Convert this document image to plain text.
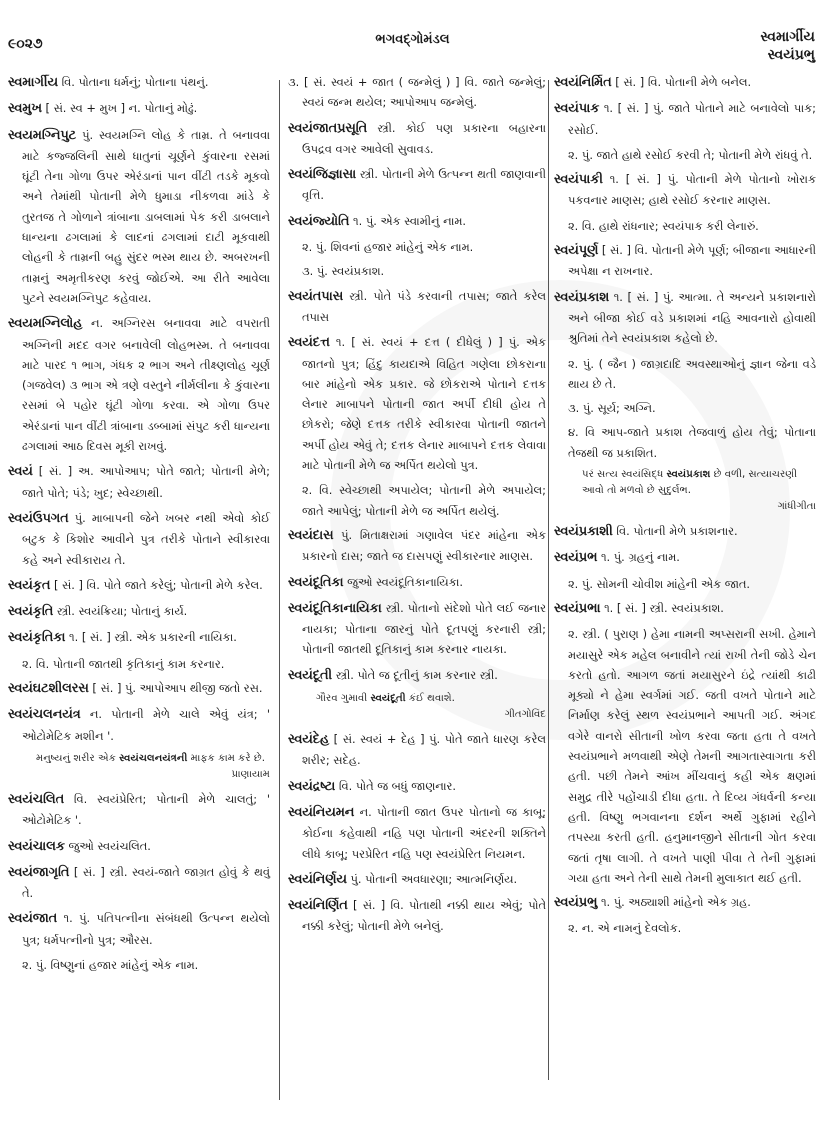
૯૦૨૭	ભગવદ્ગોમંડલ	સ્વમાર્ગીય
સ્વયંપ્રભુ
સ્વમાર્ગીય વિ. પોતાના ધર્મનું; પોતાના પંથનું.
સ્વમુખ [ સં. સ્વ + મુખ ] ન. પોતાનું મોઢું.
સ્વયમગ્નિપુટ પું. સ્વયમગ્નિ લોહ કે તામ્ર. તે બનાવવા માટે કજ્જલિની સાથે ધાતુનાં ચૂર્ણને કુંવારના રસમાં ઘૂંટી તેના ગોળા ઉપર એરંડાનાં પાન વીંટી તડકે મૂકવો અને તેમાંથી પોતાની મેળે ધુમાડા નીકળવા માંડે કે તુરતજ તે ગોળાને ત્રાંબાના ડાબલામાં પેક કરી ડાબલાને ધાન્યના ઢગલામાં કે લાદનાં ઢગલામાં દાટી મૂકવાથી લોહની કે તામ્રની બહુ સુંદર ભસ્મ થાય છે. અબરખની તામ્રનું અમૃતીકરણ કરવું જોઈએ. આ રીતે આવેલા પુટને સ્વયમગ્નિપુટ કહેવાય.
સ્વયમગ્નિલોહ ન. અગ્નિરસ બનાવવા માટે વપરાતી અગ્નિની મદદ વગર બનાવેલી લોહભસ્મ. તે બનાવવા માટે પારદ ૧ ભાગ, ગંધક ૨ ભાગ અને તીક્ષ્ણલોહ ચૂર્ણ (ગજવેલ) ૩ ભાગ એ ત્રણે વસ્તુને નીર્મલીના કે કુંવારના રસમાં બે પહોર ઘૂંટી ગોળા કરવા. એ ગોળા ઉપર એરંડાનાં પાન વીંટી ત્રાંબાના ડબ્બામાં સંપુટ કરી ધાન્યના ઢગલામાં આઠ દિવસ મૂકી રાખવું.
સ્વયં [ સં. ] અ. આપોઆપ; પોતે જાતે; પોતાની મેળે; જાતે પોતે; પંડે; ખુદ; સ્વેચ્છાથી.
સ્વયંઉપગત પું. માબાપની જેને ખબર નથી એવો કોઈ બટુક કે કિશોર આવીને પુત્ર તરીકે પોતાને સ્વીકારવા કહે અને સ્વીકારાય તે.
સ્વયંકૃત [ સં. ] વિ. પોતે જાતે કરેલું; પોતાની મેળે કરેલ.
સ્વયંકૃતિ સ્ત્રી. સ્વયંક્રિયા; પોતાનું કાર્ય.
સ્વયંકૃતિકા ૧. [ સં. ] સ્ત્રી. એક પ્રકારની નાયિકા.
૨. વિ. પોતાની જાતથી કૃતિકાનું કામ કરનાર.
સ્વયંઘટશીલરસ [ સં. ] પું. આપોઆપ થીજી જતો રસ.
સ્વયંચલનયંત્ર ન. પોતાની મેળે ચાલે એવું યંત્ર; ' ઓટોમેટિક મશીન '.
મનુષ્યનું શરીર એક સ્વયંચલનયંત્રની માફક કામ કરે છે.
પ્રાણાયામ
સ્વયંચલિત વિ. સ્વયંપ્રેરિત; પોતાની મેળે ચાલતું; ' ઓટોમેટિક '.
સ્વયંચાલક જુઓ સ્વયંચલિત.
સ્વયંજાગૃતિ [ સં. ] સ્ત્રી. સ્વયં-જાતે જાગ્રત હોવું કે થવું તે.
સ્વયંજાત ૧. પું. પતિપત્નીના સંબંધથી ઉત્પન્ન થયેલો પુત્ર; ધર્મપત્નીનો પુત્ર; ઔરસ.
૨. પું. વિષ્ણુનાં હજાર માંહેનું એક નામ.
૩. [ સં. સ્વયં + જાત ( જન્મેલું ) ] વિ. જાતે જન્મેલું; સ્વયં જન્મ થયેલ; આપોઆપ જન્મેલું.
સ્વયંજાતપ્રસૂતિ સ્ત્રી. કોઈ પણ પ્રકારના બહારના ઉપદ્રવ વગર આવેલી સુવાવડ.
સ્વયંજિજ્ઞાસા સ્ત્રી. પોતાની મેળે ઉત્પન્ન થતી જાણવાની વૃત્તિ.
સ્વયંજ્યોતિ ૧. પું. એક સ્વામીનું નામ.
૨. પું. શિવનાં હજાર માંહેનું એક નામ.
૩. પું. સ્વયંપ્રકાશ.
સ્વયંતપાસ સ્ત્રી. પોતે પંડે કરવાની તપાસ; જાતે કરેલ તપાસ
સ્વયંદત્ત ૧. [ સં. સ્વયં + દત્ત ( દીધેલું ) ] પું. એક જાતનો પુત્ર; હિંદુ કાયદાએ વિહિત ગણેલા છોકરાના બાર માંહેનો એક પ્રકાર. જે છોકરાએ પોતાને દત્તક લેનાર માબાપને પોતાની જાત અર્પી દીધી હોય તે છોકરો; જેણે દત્તક તરીકે સ્વીકારવા પોતાની જાતને અર્પી હોય એવું તે; દત્તક લેનાર માબાપને દત્તક લેવાવા માટે પોતાની મેળે જ અર્પિત થયેલો પુત્ર.
૨. વિ. સ્વેચ્છાથી અપાયેલ; પોતાની મેળે અપાયેલ; જાતે આપેલું; પોતાની મેળે જ અર્પિત થયેલું.
સ્વયંદાસ પું. મિતાક્ષરામાં ગણાવેલ પંદર માંહેના એક પ્રકારનો દાસ; જાતે જ દાસપણું સ્વીકારનાર માણસ.
સ્વયંદૂતિકા જુઓ સ્વયંદૂતિકાનાયિકા.
સ્વયંદૂતિકાનાયિકા સ્ત્રી. પોતાનો સંદેશો પોતે લઈ જનાર નાયકા; પોતાના જારનું પોતે દૂતપણું કરનારી સ્ત્રી; પોતાની જાતથી દૂતિકાનું કામ કરનાર નાયકા.
સ્વયંદૂતી સ્ત્રી. પોતે જ દૂતીનું કામ કરનાર સ્ત્રી.
ગૌરવ ગુમાવી સ્વયંદૂતી કંઈ થવાશે.
ગીતગોવિંદ
સ્વયંદેહ [ સં. સ્વયં + દેહ ] પું. પોતે જાતે ધારણ કરેલ શરીર; સદેહ.
સ્વયંદ્રષ્ટા વિ. પોતે જ બધું જાણનાર.
સ્વયંનિયમન ન. પોતાની જાત ઉપર પોતાનો જ કાબૂ; કોઈના કહેવાથી નહિ પણ પોતાની અંદરની શક્તિને લીધે કાબૂ; પરપ્રેરિત નહિ પણ સ્વયંપ્રેરિત નિયમન.
સ્વયંનિર્ણય પું. પોતાની અવધારણા; આત્મનિર્ણય.
સ્વયંનિર્ણિત [ સં. ] વિ. પોતાથી નક્કી થાય એવું; પોતે નક્કી કરેલું; પોતાની મેળે બનેલું.
સ્વયંનિર્મિત [ સં. ] વિ. પોતાની મેળે બનેલ.
સ્વયંપાક ૧. [ સં. ] પું. જાતે પોતાને માટે બનાવેલો પાક; રસોઈ.
૨. પું. જાતે હાથે રસોઈ કરવી તે; પોતાની મેળે રાંધવું તે.
સ્વયંપાકી ૧. [ સં. ] પું. પોતાની મેળે પોતાનો ખોરાક પકવનાર માણસ; હાથે રસોઈ કરનાર માણસ.
૨. વિ. હાથે રાંધનાર; સ્વયંપાક કરી લેનારું.
સ્વયંપૂર્ણ [ સં. ] વિ. પોતાની મેળે પૂર્ણ; બીજાના આધારની અપેક્ષા ન રાખનાર.
સ્વયંપ્રકાશ ૧. [ સં. ] પું. આત્મા. તે અન્યને પ્રકાશનારો અને બીજા કોઈ વડે પ્રકાશમાં નહિ આવનારો હોવાથી શ્રુતિમાં તેને સ્વયંપ્રકાશ કહેલો છે.
૨. પું. ( જૈન ) જાગ્રદાદિ અવસ્થાઓનું જ્ઞાન જેના વડે થાય છે તે.
૩. પું. સૂર્ય; અગ્નિ.
૪. વિ આપ-જાતે પ્રકાશ તેજવાળું હોય તેવું; પોતાના તેજથી જ પ્રકાશિત.
પરં સત્ય સ્વયંસિદ્ધ સ્વયંપ્રકાશ છે વળી, સત્યાચરણી આવો તો મળવો છે સુદુર્લભ.
ગાંધીગીતા
સ્વયંપ્રકાશી વિ. પોતાની મેળે પ્રકાશનાર.
સ્વયંપ્રભ ૧. પું. ગ્રહનું નામ.
૨. પું. સોમની ચોવીશ માંહેની એક જાત.
સ્વયંપ્રભા ૧. [ સં. ] સ્ત્રી. સ્વયંપ્રકાશ.
૨. સ્ત્રી. ( પુરાણ ) હેમા નામની અપ્સરાની સખી. હેમાને મયાસુરે એક મહેલ બનાવીને ત્યાં રાખી તેની જોડે ચેન કરતો હતો. આગળ જતાં મયાસુરને ઇંદ્રે ત્યાંથી કાઢી મૂક્યો ને હેમા સ્વર્ગમાં ગઈ. જતી વખતે પોતાને માટે નિર્માણ કરેલું સ્થળ સ્વયંપ્રભાને આપતી ગઈ. અંગદ વગેરે વાનરો સીતાની ખોળ કરવા જતા હતા તે વખતે સ્વયંપ્રભાને મળવાથી એણે તેમની આગતાસ્વાગતા કરી હતી. પછી તેમને આંખ મીંચવાનું કહી એક ક્ષણમાં સમુદ્ર તીરે પહોંચાડી દીધા હતા. તે દિવ્ય ગંધર્વની કન્યા હતી. વિષ્ણુ ભગવાનના દર્શન અર્થે ગુફામાં રહીને તપસ્યા કરતી હતી. હનુમાનજીને સીતાની ગોત કરવા જતાં તૃષા લાગી. તે વખતે પાણી પીવા તે તેની ગુફામાં ગયા હતા અને તેની સાથે તેમની મુલાકાત થઈ હતી.
સ્વયંપ્રભુ ૧. પું. અઠ્યાશી માંહેનો એક ગ્રહ.
૨. ન. એ નામનું દેવલોક.
